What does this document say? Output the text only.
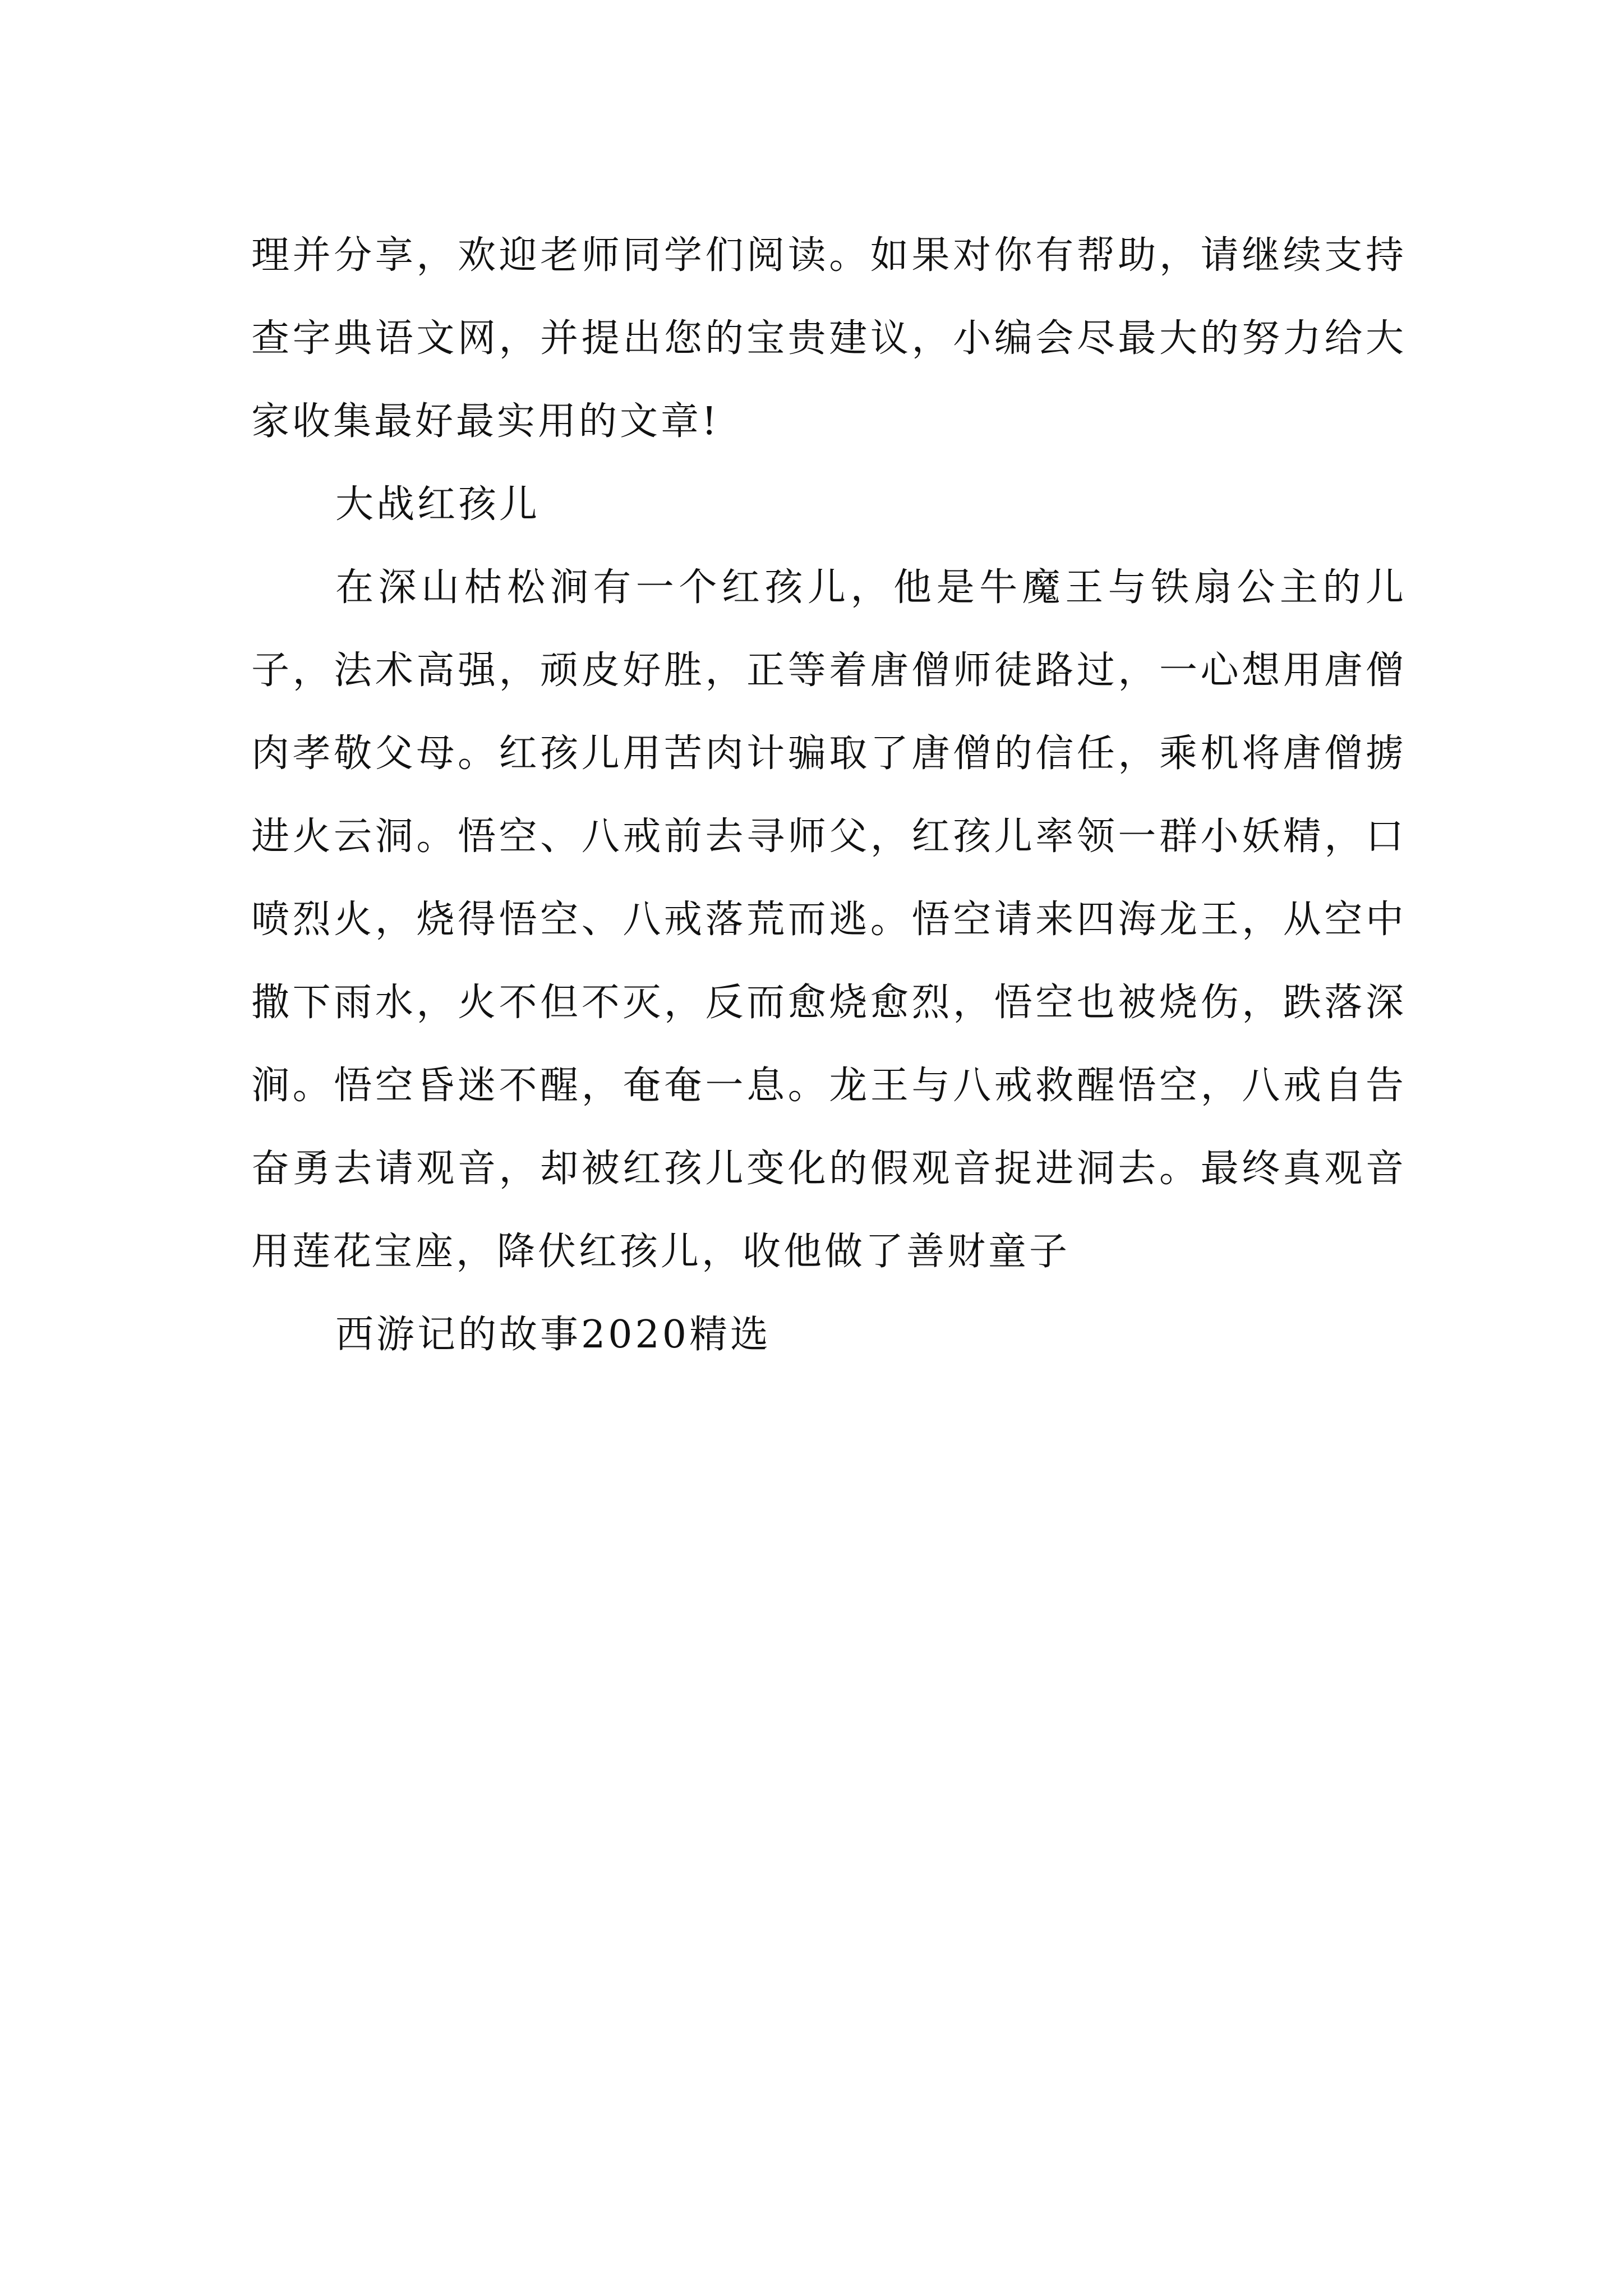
理并分享，欢迎老师同学们阅读。如果对你有帮助，请继续支持查字典语文网，并提出您的宝贵建议，小编会尽最大的努力给大家收集最好最实用的文章!

大战红孩儿

在深山枯松涧有一个红孩儿，他是牛魔王与铁扇公主的儿子，法术高强，顽皮好胜，正等着唐僧师徒路过，一心想用唐僧肉孝敬父母。红孩儿用苦肉计骗取了唐僧的信任，乘机将唐僧掳进火云洞。悟空、八戒前去寻师父，红孩儿率领一群小妖精，口喷烈火，烧得悟空、八戒落荒而逃。悟空请来四海龙王，从空中撒下雨水，火不但不灭，反而愈烧愈烈，悟空也被烧伤，跌落深涧。悟空昏迷不醒，奄奄一息。龙王与八戒救醒悟空，八戒自告奋勇去请观音，却被红孩儿变化的假观音捉进洞去。最终真观音用莲花宝座，降伏红孩儿，收他做了善财童子

西游记的故事2020精选
